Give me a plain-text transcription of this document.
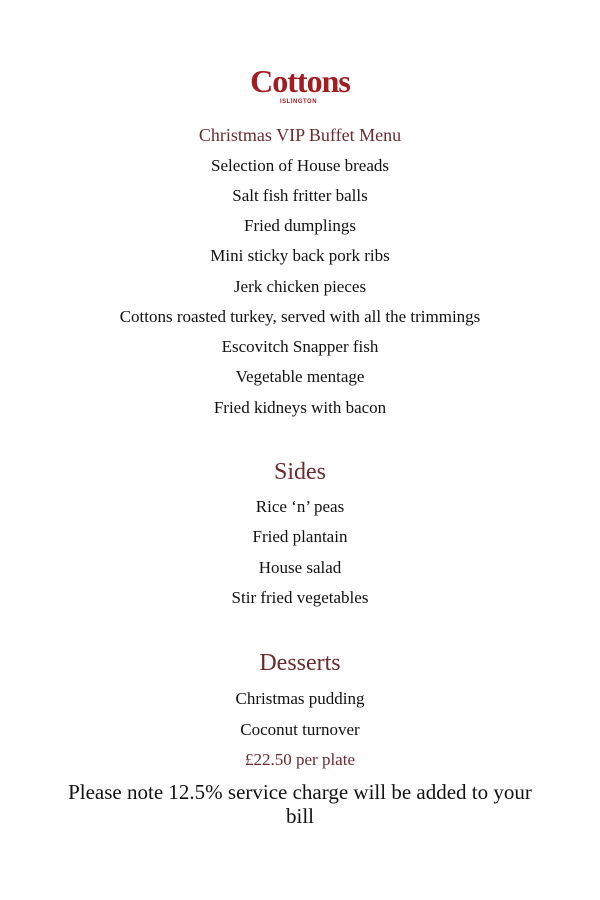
Cottons
ISLINGTON
Christmas VIP Buffet Menu
Selection of House breads
Salt fish fritter balls
Fried dumplings
Mini sticky back pork ribs
Jerk chicken pieces
Cottons roasted turkey, served with all the trimmings
Escovitch Snapper fish
Vegetable mentage
Fried kidneys with bacon
Sides
Rice ‘n’ peas
Fried plantain
House salad
Stir fried vegetables
Desserts
Christmas pudding
Coconut turnover
£22.50 per plate
Please note 12.5% service charge will be added to your bill
